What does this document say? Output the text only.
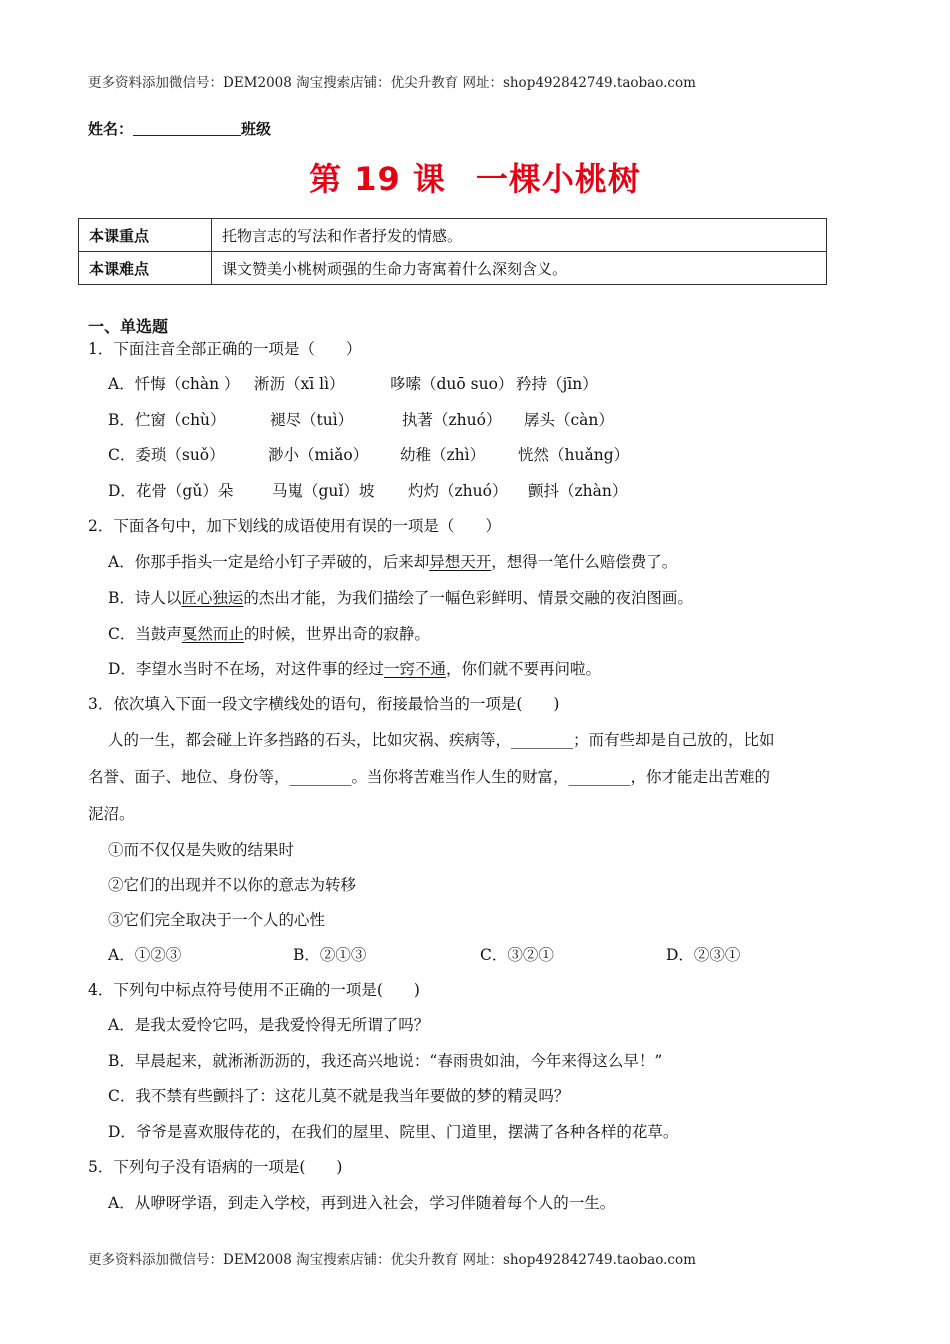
更多资料添加微信号：DEM2008 淘宝搜索店铺：优尖升教育 网址：shop492842749.taobao.com
姓名：	班级
第 19 课 一棵小桃树
本课重点	托物言志的写法和作者抒发的情感。
本课难点	课文赞美小桃树顽强的生命力寄寓着什么深刻含义。
一、单选题
1．下面注音全部正确的一项是（　　）
A．忏悔（chàn ） 淅沥（xī lì）	哆嗦（duō suo） 矜持（jīn）
B．伫窗（chù）	褪尽（tuì）	执著（zhuó） 孱头（càn）
C．委琐（suǒ）	渺小（miǎo） 幼稚（zhì） 恍然（huǎng）
D．花骨（gǔ）朵 马嵬（guǐ）坡 灼灼（zhuó） 颤抖（zhàn）
2．下面各句中，加下划线的成语使用有误的一项是（　　）
A．你那手指头一定是给小钉子弄破的，后来却异想天开，想得一笔什么赔偿费了。
B．诗人以匠心独运的杰出才能，为我们描绘了一幅色彩鲜明、情景交融的夜泊图画。
C．当鼓声戛然而止的时候，世界出奇的寂静。
D．李望水当时不在场，对这件事的经过一窍不通，你们就不要再问啦。
3．依次填入下面一段文字横线处的语句，衔接最恰当的一项是(　　)
人的一生，都会碰上许多挡路的石头，比如灾祸、疾病等，________；而有些却是自己放的，比如
名誉、面子、地位、身份等，________。当你将苦难当作人生的财富，________，你才能走出苦难的
泥沼。
①而不仅仅是失败的结果时
②它们的出现并不以你的意志为转移
③它们完全取决于一个人的心性
A．①②③	B．②①③	C．③②①	D．②③①
4．下列句中标点符号使用不正确的一项是(　　)
A．是我太爱怜它吗，是我爱怜得无所谓了吗？
B．早晨起来，就淅淅沥沥的，我还高兴地说：“春雨贵如油，今年来得这么早！”
C．我不禁有些颤抖了：这花儿莫不就是我当年要做的梦的精灵吗？
D．爷爷是喜欢服侍花的，在我们的屋里、院里、门道里，摆满了各种各样的花草。
5．下列句子没有语病的一项是(　　)
A．从咿呀学语，到走入学校，再到进入社会，学习伴随着每个人的一生。
更多资料添加微信号：DEM2008 淘宝搜索店铺：优尖升教育 网址：shop492842749.taobao.com
